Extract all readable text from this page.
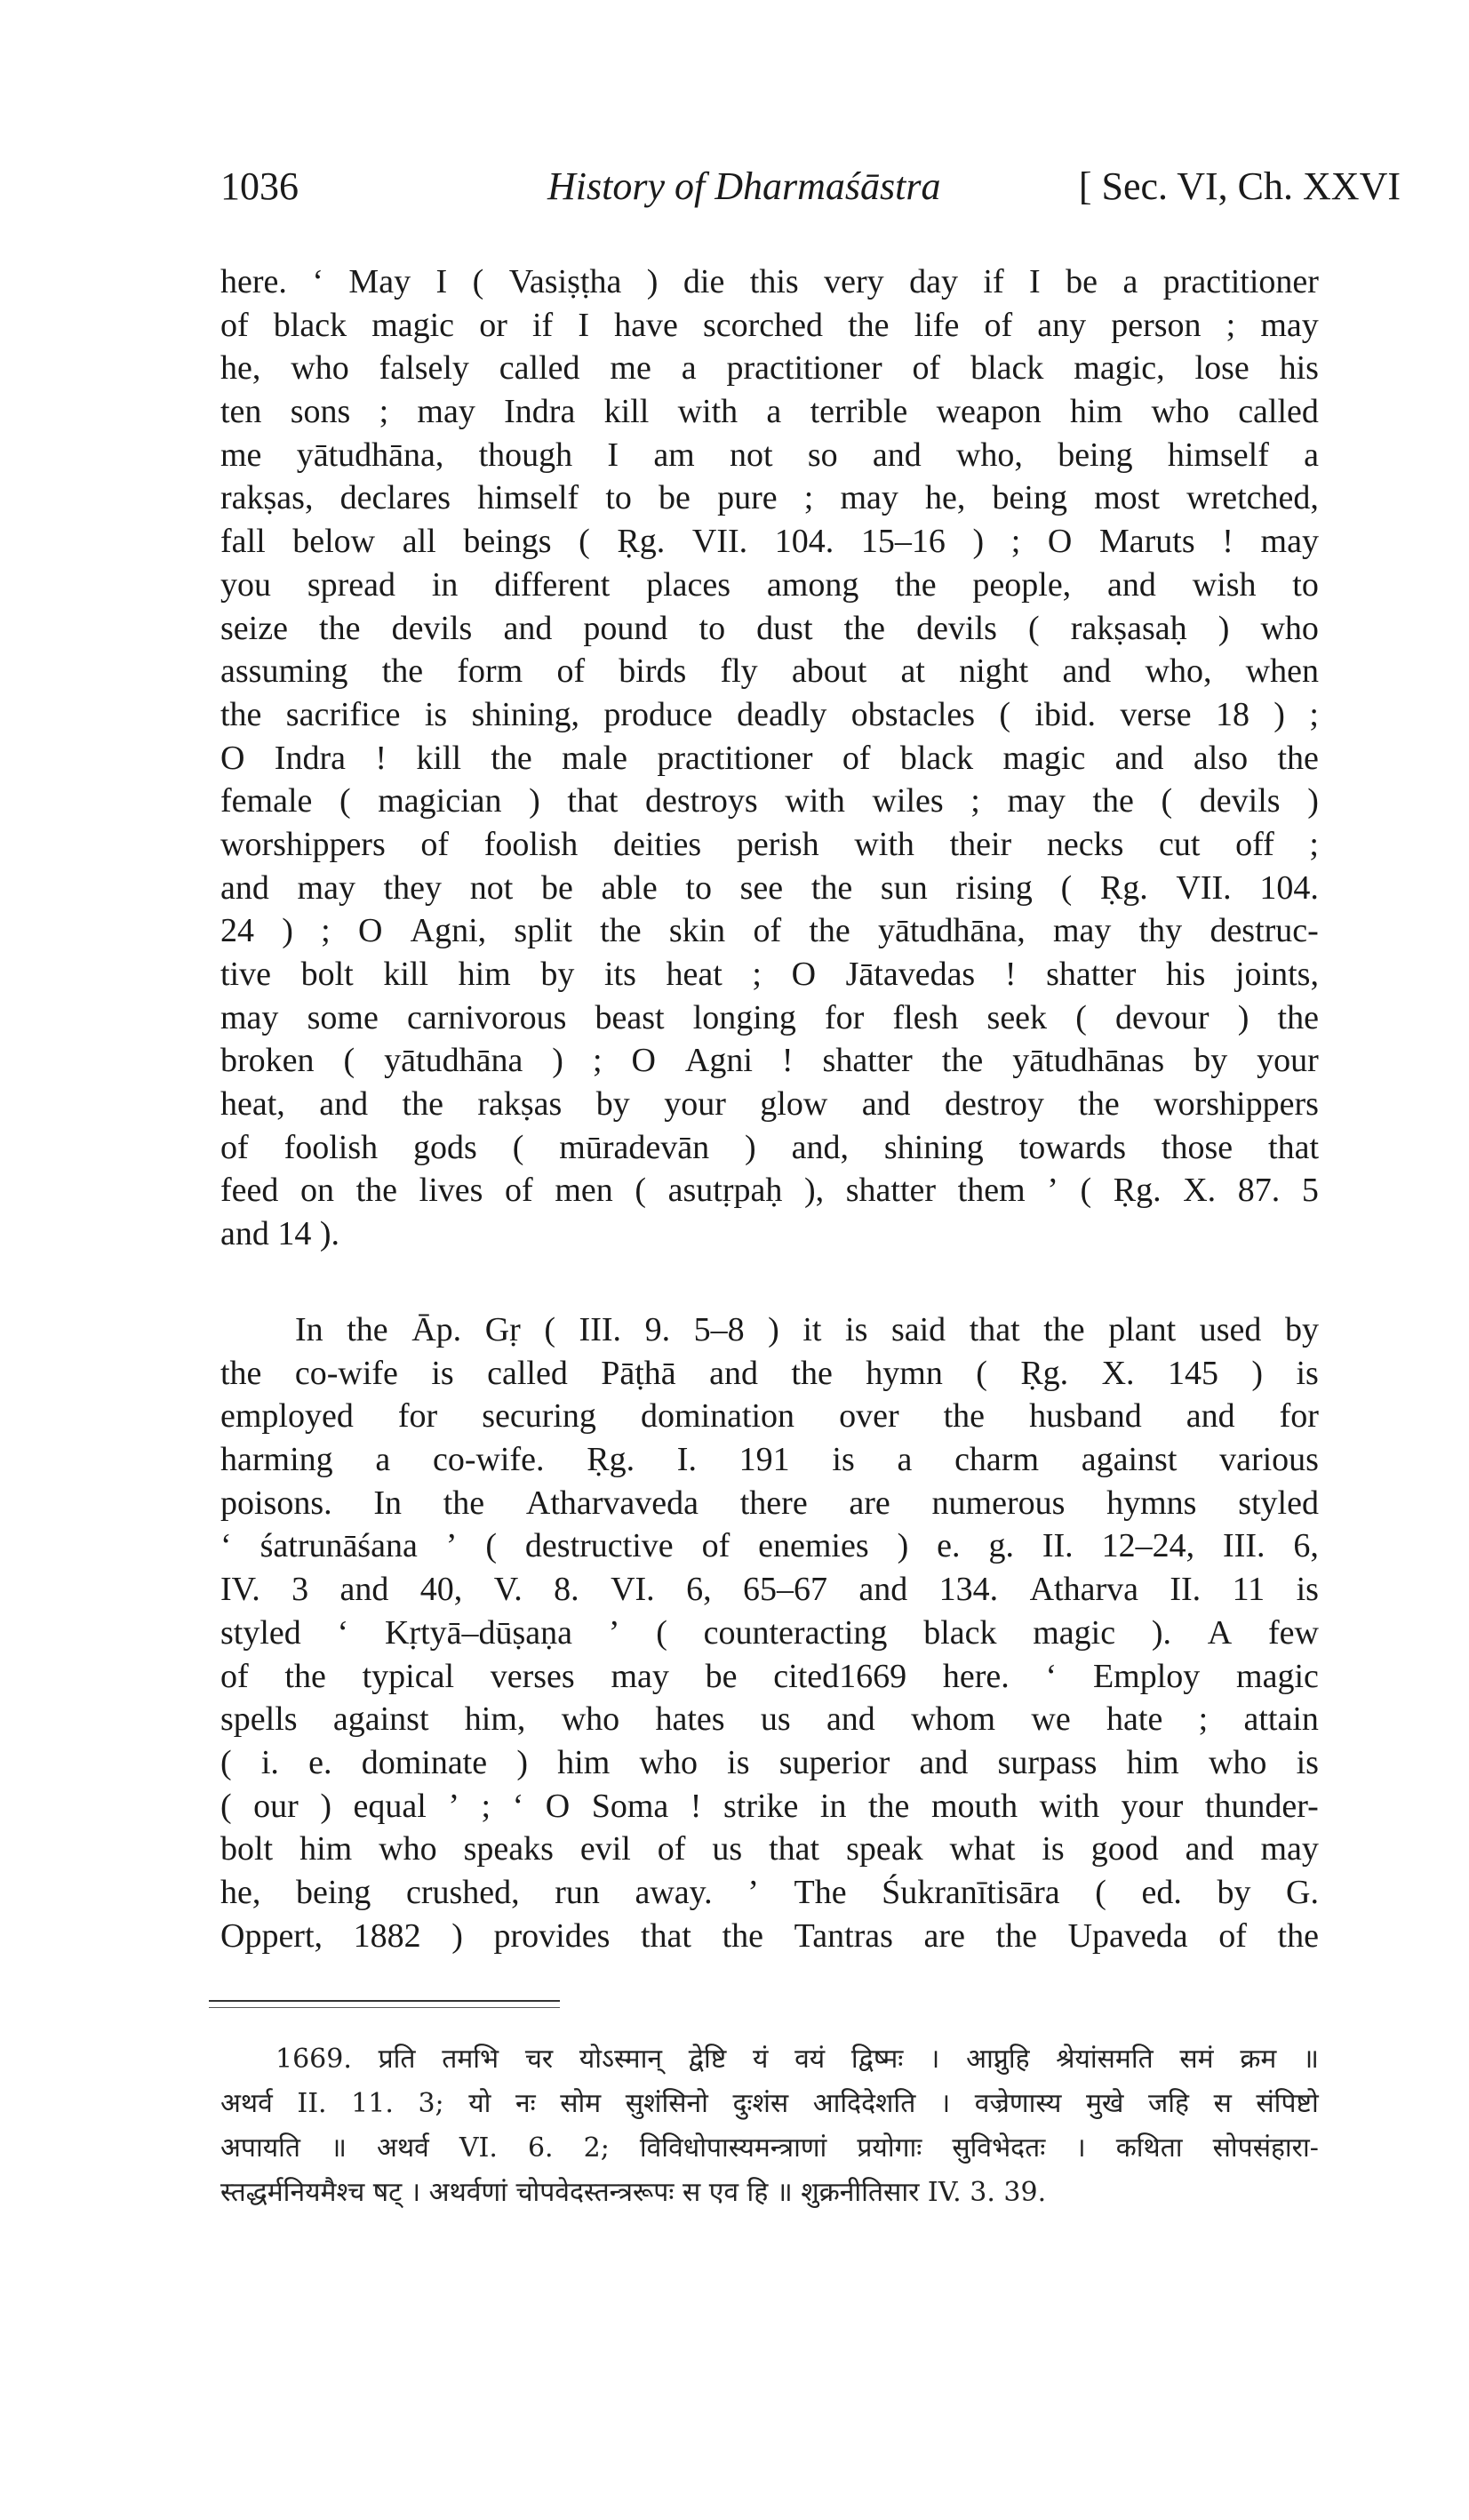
1036	History of Dharmaśāstra	[ Sec. VI, Ch. XXVI
here. ‘ May I ( Vasiṣṭha ) die this very day if I be a practitioner
of black magic or if I have scorched the life of any person ; may
he, who falsely called me a practitioner of black magic, lose his
ten sons ; may Indra kill with a terrible weapon him who called
me yātudhāna, though I am not so and who, being himself a
rakṣas, declares himself to be pure ; may he, being most wretched,
fall below all beings ( Ṛg. VII. 104. 15–16 ) ; O Maruts ! may
you spread in different places among the people, and wish to
seize the devils and pound to dust the devils ( rakṣasaḥ ) who
assuming the form of birds fly about at night and who, when
the sacrifice is shining, produce deadly obstacles ( ibid. verse 18 ) ;
O Indra ! kill the male practitioner of black magic and also the
female ( magician ) that destroys with wiles ; may the ( devils )
worshippers of foolish deities perish with their necks cut off ;
and may they not be able to see the sun rising ( Ṛg. VII. 104.
24 ) ; O Agni, split the skin of the yātudhāna, may thy destruc-
tive bolt kill him by its heat ; O Jātavedas ! shatter his joints,
may some carnivorous beast longing for flesh seek ( devour ) the
broken ( yātudhāna ) ; O Agni ! shatter the yātudhānas by your
heat, and the rakṣas by your glow and destroy the worshippers
of foolish gods ( mūradevān ) and, shining towards those that
feed on the lives of men ( asutṛpaḥ ), shatter them ’ ( Ṛg. X. 87. 5
and 14 ).
In the Āp. Gṛ ( III. 9. 5–8 ) it is said that the plant used by
the co-wife is called Pāṭhā and the hymn ( Ṛg. X. 145 ) is
employed for securing domination over the husband and for
harming a co-wife. Ṛg. I. 191 is a charm against various
poisons. In the Atharvaveda there are numerous hymns styled
‘ śatrunāśana ’ ( destructive of enemies ) e. g. II. 12–24, III. 6,
IV. 3 and 40, V. 8. VI. 6, 65–67 and 134. Atharva II. 11 is
styled ‘ Kṛtyā–dūṣaṇa ’ ( counteracting black magic ). A few
of the typical verses may be cited1669 here. ‘ Employ magic
spells against him, who hates us and whom we hate ; attain
( i. e. dominate ) him who is superior and surpass him who is
( our ) equal ’ ; ‘ O Soma ! strike in the mouth with your thunder-
bolt him who speaks evil of us that speak what is good and may
he, being crushed, run away. ’ The Śukranītisāra ( ed. by G.
Oppert, 1882 ) provides that the Tantras are the Upaveda of the
1669. प्रति तमभि चर योऽस्मान् द्वेष्टि यं वयं द्विष्मः । आप्नुहि श्रेयांसमति समं क्रम ॥
अथर्व II. 11. 3; यो नः सोम सुशंसिनो दुःशंस आदिदेशति । वज्रेणास्य मुखे जहि स संपिष्टो
अपायति ॥ अथर्व VI. 6. 2; विविधोपास्यमन्त्राणां प्रयोगाः सुविभेदतः । कथिता सोपसंहारा-
स्तद्धर्मनियमैश्च षट् । अथर्वणां चोपवेदस्तन्त्ररूपः स एव हि ॥ शुक्रनीतिसार IV. 3. 39.
